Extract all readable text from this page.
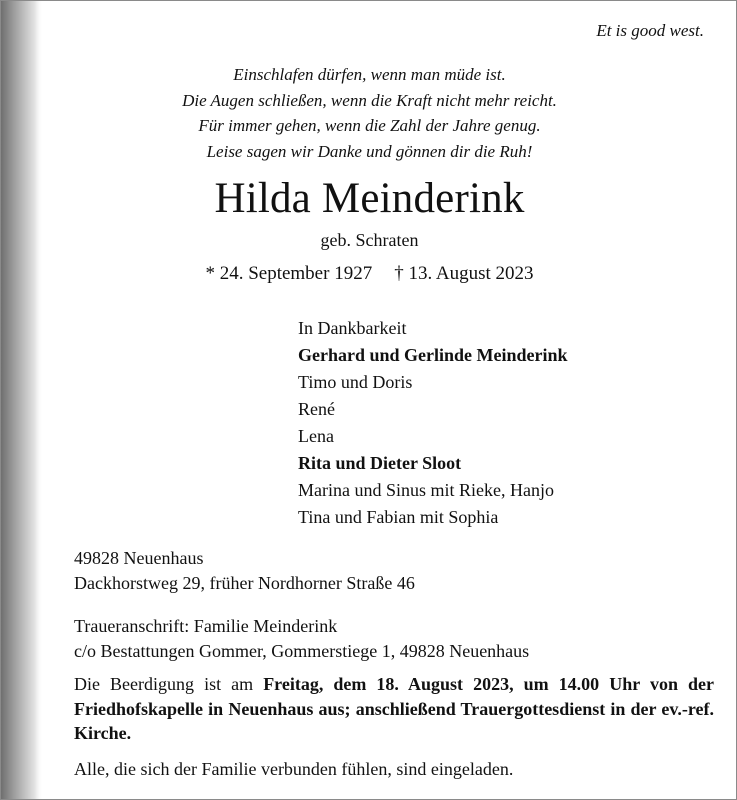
Et is good west.
Einschlafen dürfen, wenn man müde ist.
Die Augen schließen, wenn die Kraft nicht mehr reicht.
Für immer gehen, wenn die Zahl der Jahre genug.
Leise sagen wir Danke und gönnen dir die Ruh!
Hilda Meinderink
geb. Schraten
* 24. September 1927 † 13. August 2023
In Dankbarkeit
Gerhard und Gerlinde Meinderink
Timo und Doris
René
Lena
Rita und Dieter Sloot
Marina und Sinus mit Rieke, Hanjo
Tina und Fabian mit Sophia
49828 Neuenhaus
Dackhorstweg 29, früher Nordhorner Straße 46
Traueranschrift: Familie Meinderink
c/o Bestattungen Gommer, Gommerstiege 1, 49828 Neuenhaus
Die Beerdigung ist am Freitag, dem 18. August 2023, um 14.00 Uhr von der Friedhofskapelle in Neuenhaus aus; anschließend Trauergottesdienst in der ev.-ref. Kirche.
Alle, die sich der Familie verbunden fühlen, sind eingeladen.
